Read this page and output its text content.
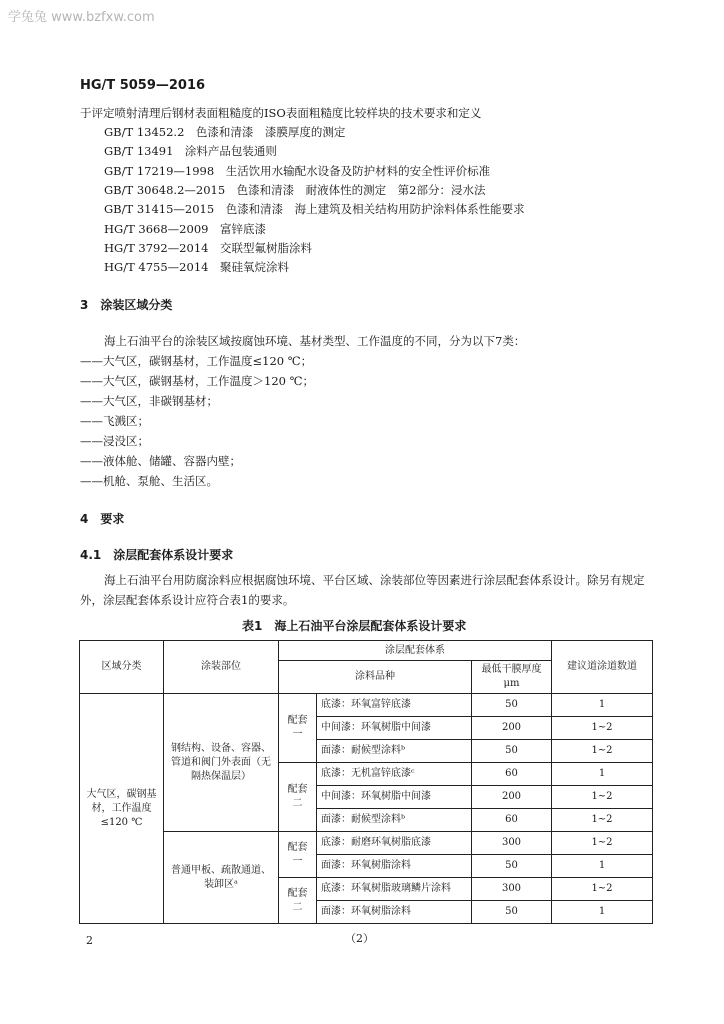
学兔兔 www.bzfxw.com
HG/T 5059—2016
于评定喷射清理后钢材表面粗糙度的ISO表面粗糙度比较样块的技术要求和定义
GB/T 13452.2　色漆和清漆　漆膜厚度的测定
GB/T 13491　涂料产品包装通则
GB/T 17219—1998　生活饮用水输配水设备及防护材料的安全性评价标准
GB/T 30648.2—2015　色漆和清漆　耐液体性的测定　第2部分：浸水法
GB/T 31415—2015　色漆和清漆　海上建筑及相关结构用防护涂料体系性能要求
HG/T 3668—2009　富锌底漆
HG/T 3792—2014　交联型氟树脂涂料
HG/T 4755—2014　聚硅氧烷涂料
3　涂装区域分类
海上石油平台的涂装区域按腐蚀环境、基材类型、工作温度的不同，分为以下7类：
——大气区，碳钢基材，工作温度≤120 ℃；
——大气区，碳钢基材，工作温度＞120 ℃；
——大气区，非碳钢基材；
——飞溅区；
——浸没区；
——液体舱、储罐、容器内壁；
——机舱、泵舱、生活区。
4　要求
4.1　涂层配套体系设计要求
海上石油平台用防腐涂料应根据腐蚀环境、平台区域、涂装部位等因素进行涂层配套体系设计。除另有规定外，涂层配套体系设计应符合表1的要求。
表1　海上石油平台涂层配套体系设计要求
区域分类	涂装部位	涂层配套体系			建议道涂道数道
		涂料品种		最低干膜厚度
μm	

大气区，碳钢基材，工作温度≤120 ℃	钢结构、设备、容器、管道和阀门外表面（无隔热保温层）	配套一	底漆：环氧富锌底漆	50	1
			中间漆：环氧树脂中间漆	200	1~2
			面漆：耐候型涂料ᵇ	50	1~2
		配套二	底漆：无机富锌底漆ᶜ	60	1
			中间漆：环氧树脂中间漆	200	1~2
			面漆：耐候型涂料ᵇ	60	1~2
	普通甲板、疏散通道、装卸区ᵃ	配套一	底漆：耐磨环氧树脂底漆	300	1~2
			面漆：环氧树脂涂料	50	1
		配套二	底漆：环氧树脂玻璃鳞片涂料	300	1~2
			面漆：环氧树脂涂料	50	1
2	（2）
